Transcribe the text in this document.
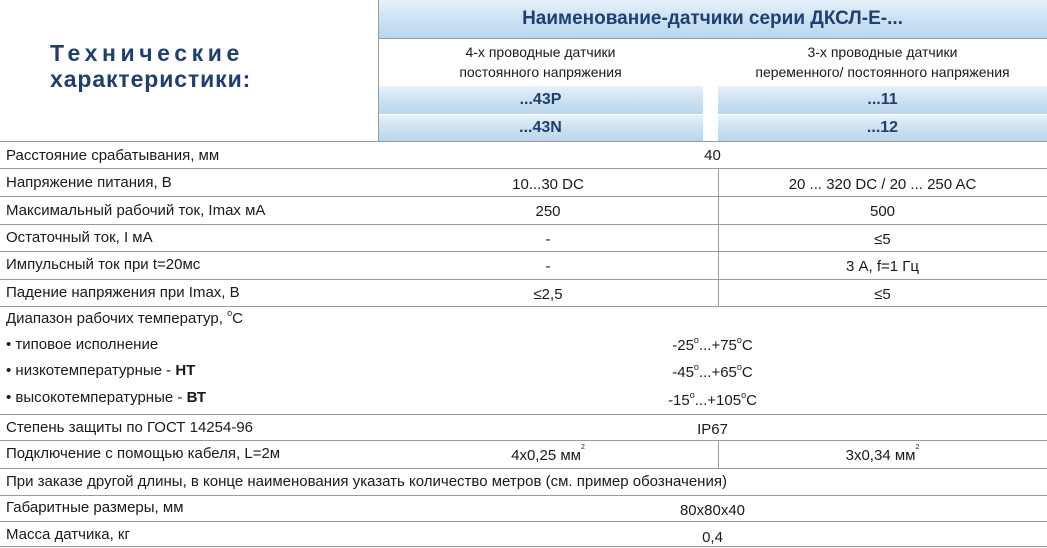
Технические
характеристики:
Наименование-датчики серии ДКСЛ-Е-...
4-х проводные датчики
постоянного напряжения
3-х проводные датчики
переменного/ постоянного напряжения
...43P	...11
...43N	...12
Расстояние срабатывания, мм	40
Напряжение питания, В	10...30 DC	20 ... 320 DC / 20 ... 250 AC
Максимальный рабочий ток, Imax мА	250	500
Остаточный ток, I мА	-	≤5
Импульсный ток при t=20мс	-	3 А, f=1 Гц
Падение напряжения при Imax, В	≤2,5	≤5
Диапазон рабочих температур, $^o$C
• типовое исполнение	$-25^o...+75^oC$
• низкотемпературные - НТ	$-45^o...+65^oC$
• высокотемпературные - ВТ	$-15^o...+105^oC$
Степень защиты по ГОСТ 14254-96	IP67
Подключение с помощью кабеля, L=2м	4x0,25 $мм^2$	3x0,34 $мм^2$
При заказе другой длины, в конце наименования указать количество метров (см. пример обозначения)
Габаритные размеры, мм	80x80x40
Масса датчика, кг	0,4
